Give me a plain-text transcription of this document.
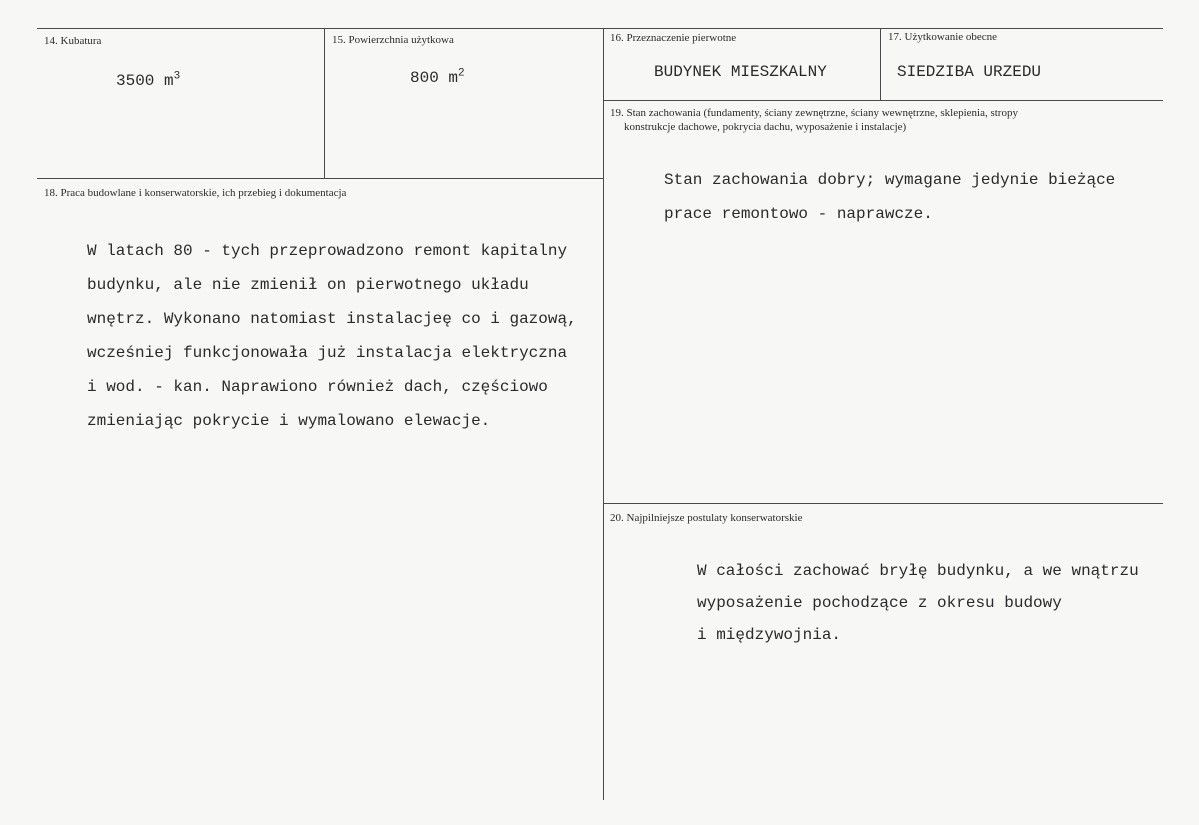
14. Kubatura
3500 $m^3$
15. Powierzchnia użytkowa
800 $m^2$
16. Przeznaczenie pierwotne
BUDYNEK MIESZKALNY
17. Użytkowanie obecne
SIEDZIBA URZEDU
19. Stan zachowania (fundamenty, ściany zewnętrzne, ściany wewnętrzne, sklepienia, stropy
konstrukcje dachowe, pokrycia dachu, wyposażenie i instalacje)
Stan zachowania dobry; wymagane jedynie bieżące
prace remontowo - naprawcze.
18. Praca budowlane i konserwatorskie, ich przebieg i dokumentacja
W latach 80 - tych przeprowadzono remont kapitalny
budynku, ale nie zmienił on pierwotnego układu
wnętrz. Wykonano natomiast instalacjeę co i gazową,
wcześniej funkcjonowała już instalacja elektryczna
i wod. - kan. Naprawiono również dach, częściowo
zmieniając pokrycie i wymalowano elewacje.
20. Najpilniejsze postulaty konserwatorskie
W całości zachować bryłę budynku, a we wnątrzu
wyposażenie pochodzące z okresu budowy
i międzywojnia.
